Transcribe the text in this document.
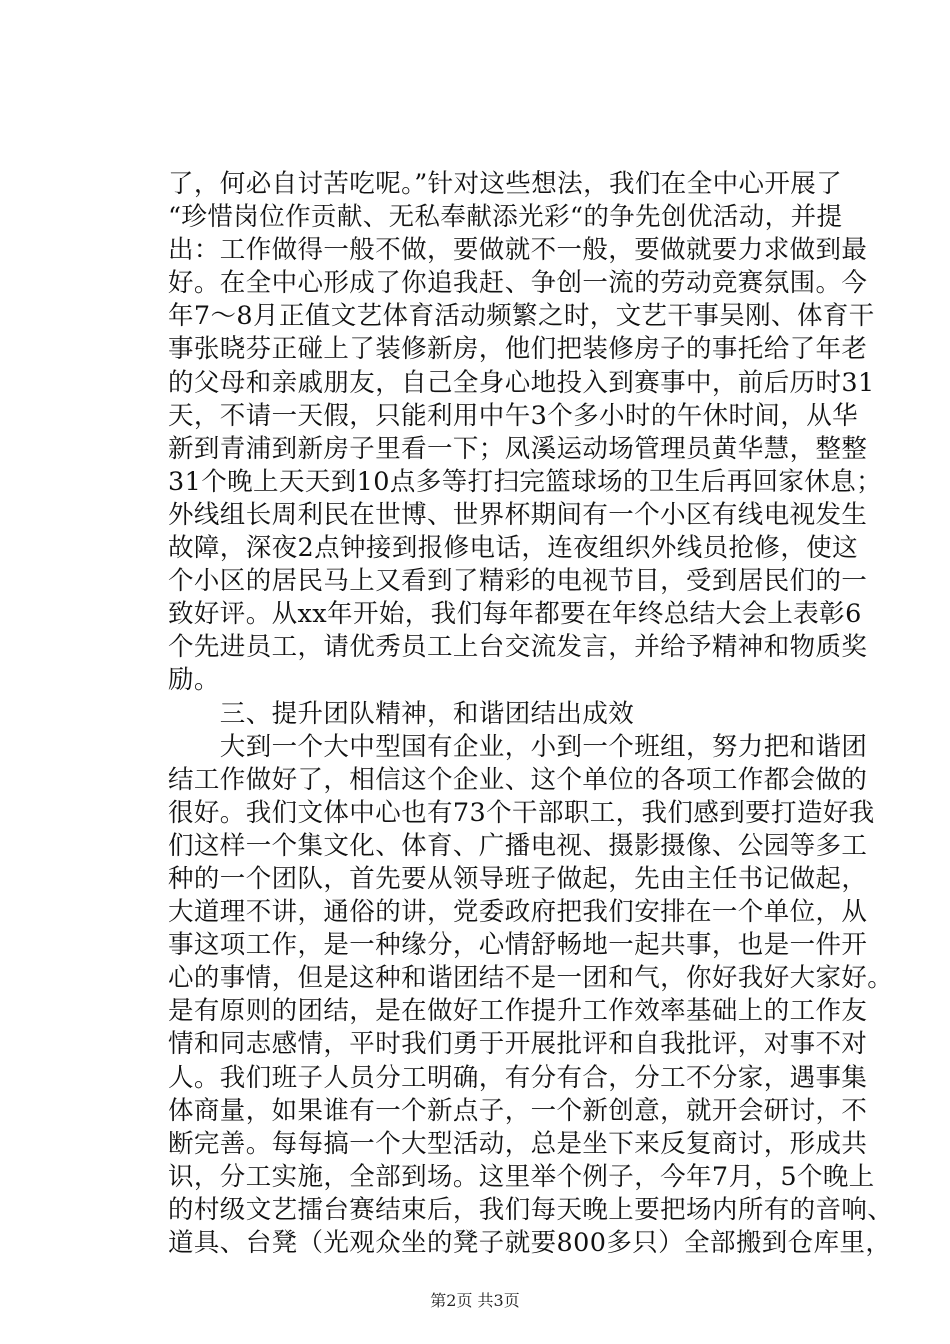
了，何必自讨苦吃呢。”针对这些想法，我们在全中心开展了
“珍惜岗位作贡献、无私奉献添光彩“的争先创优活动，并提
出：工作做得一般不做，要做就不一般，要做就要力求做到最
好。在全中心形成了你追我赶、争创一流的劳动竞赛氛围。今
年7～8月正值文艺体育活动频繁之时，文艺干事吴刚、体育干
事张晓芬正碰上了装修新房，他们把装修房子的事托给了年老
的父母和亲戚朋友，自己全身心地投入到赛事中，前后历时31
天，不请一天假，只能利用中午3个多小时的午休时间，从华
新到青浦到新房子里看一下；凤溪运动场管理员黄华慧，整整
31个晚上天天到10点多等打扫完篮球场的卫生后再回家休息；
外线组长周利民在世博、世界杯期间有一个小区有线电视发生
故障，深夜2点钟接到报修电话，连夜组织外线员抢修，使这
个小区的居民马上又看到了精彩的电视节目，受到居民们的一
致好评。从xx年开始，我们每年都要在年终总结大会上表彰6
个先进员工，请优秀员工上台交流发言，并给予精神和物质奖
励。
　　三、提升团队精神，和谐团结出成效
　　大到一个大中型国有企业，小到一个班组，努力把和谐团
结工作做好了，相信这个企业、这个单位的各项工作都会做的
很好。我们文体中心也有73个干部职工，我们感到要打造好我
们这样一个集文化、体育、广播电视、摄影摄像、公园等多工
种的一个团队，首先要从领导班子做起，先由主任书记做起，
大道理不讲，通俗的讲，党委政府把我们安排在一个单位，从
事这项工作，是一种缘分，心情舒畅地一起共事，也是一件开
心的事情，但是这种和谐团结不是一团和气，你好我好大家好。
是有原则的团结，是在做好工作提升工作效率基础上的工作友
情和同志感情，平时我们勇于开展批评和自我批评，对事不对
人。我们班子人员分工明确，有分有合，分工不分家，遇事集
体商量，如果谁有一个新点子，一个新创意，就开会研讨，不
断完善。每每搞一个大型活动，总是坐下来反复商讨，形成共
识，分工实施，全部到场。这里举个例子，今年7月，5个晚上
的村级文艺擂台赛结束后，我们每天晚上要把场内所有的音响、
道具、台凳（光观众坐的凳子就要800多只）全部搬到仓库里，
第2页 共3页
